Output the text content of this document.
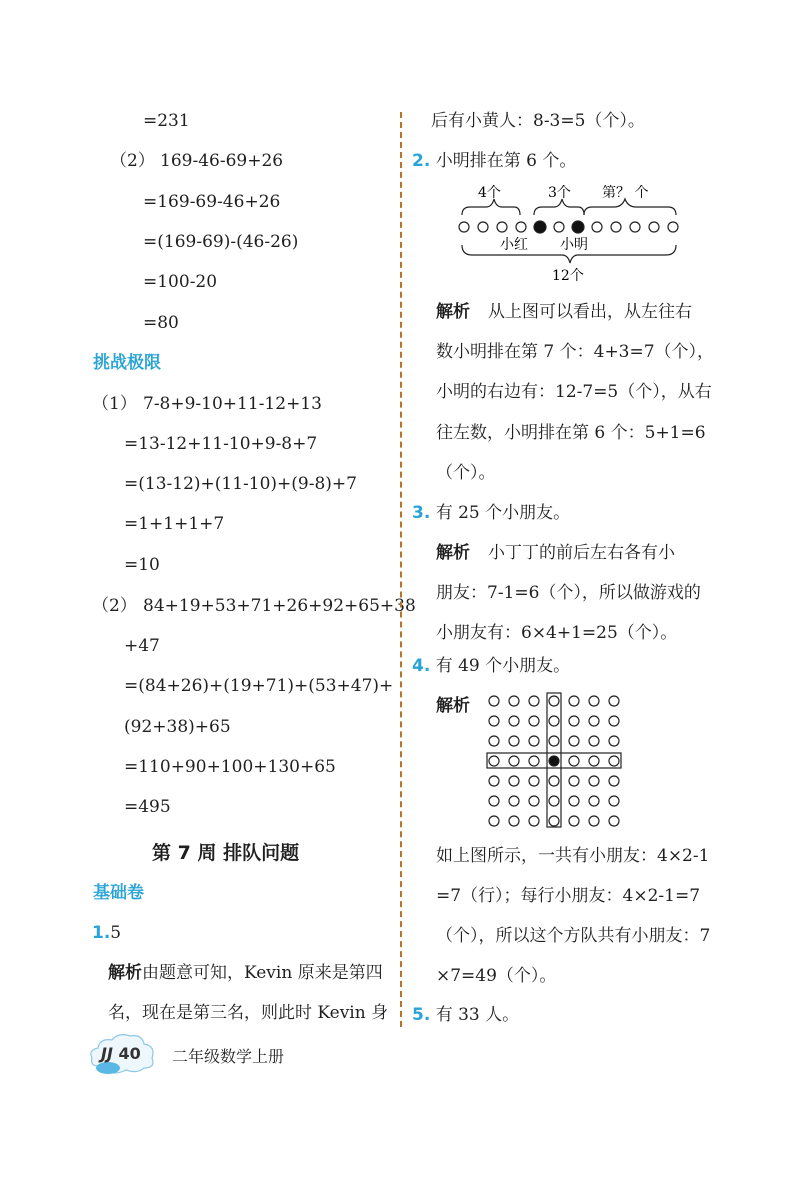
=231
（2） 169-46-69+26
=169-69-46+26
=(169-69)-(46-26)
=100-20
=80
挑战极限
（1） 7-8+9-10+11-12+13
=13-12+11-10+9-8+7
=(13-12)+(11-10)+(9-8)+7
=1+1+1+7
=10
（2） 84+19+53+71+26+92+65+38
+47
=(84+26)+(19+71)+(53+47)+
(92+38)+65
=110+90+100+130+65
=495
第 7 周 排队问题
基础卷
1.5
解析由题意可知，Kevin 原来是第四
名，现在是第三名，则此时 Kevin 身
后有小黄人：8-3=5（个）。
2. 小明排在第 6 个。
4个	3个 第？ 个
小红 小明
12个
解析 从上图可以看出，从左往右
数小明排在第 7 个：4+3=7（个），
小明的右边有：12-7=5（个），从右
往左数，小明排在第 6 个：5+1=6
（个）。
3. 有 25 个小朋友。
解析 小丁丁的前后左右各有小
朋友：7-1=6（个），所以做游戏的
小朋友有：6×4+1=25（个）。
4. 有 49 个小朋友。
解析
如上图所示，一共有小朋友：4×2-1
=7（行）；每行小朋友：4×2-1=7
（个），所以这个方队共有小朋友：7
×7=49（个）。
5. 有 33 人。
JJ 40 二年级数学上册
